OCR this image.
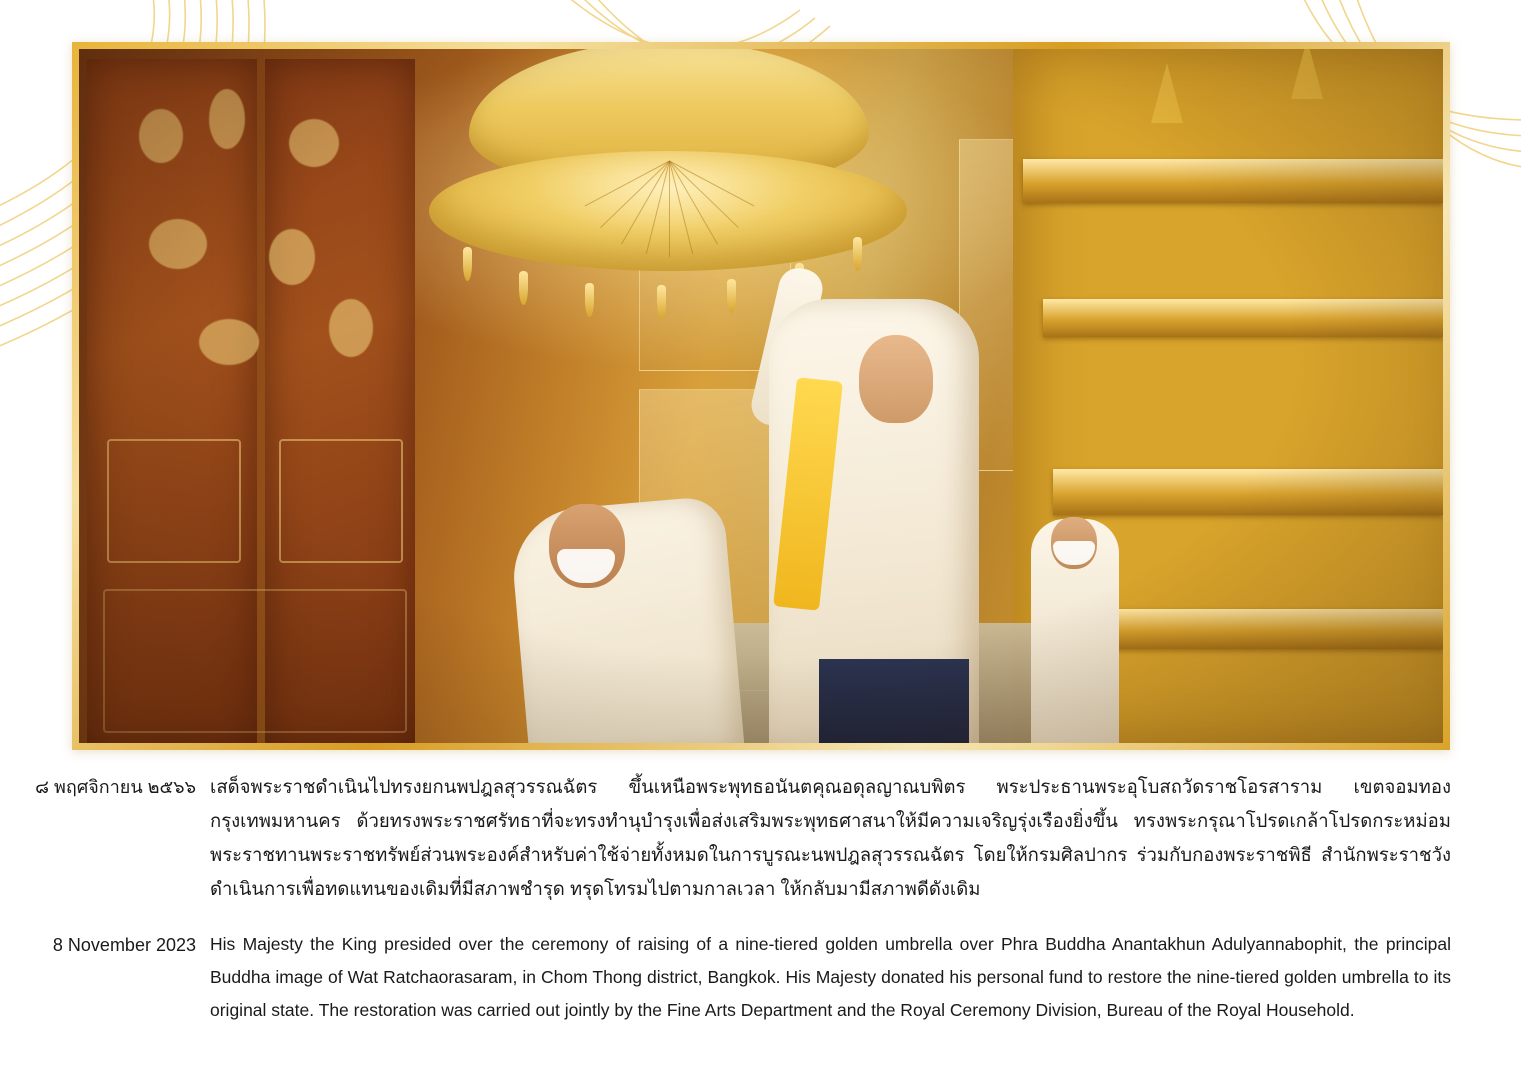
๘ พฤศจิกายน ๒๕๖๖ เสด็จพระราชดำเนินไปทรงยกนพปฎลสุวรรณฉัตร ขึ้นเหนือพระพุทธอนันตคุณอดุลญาณบพิตร พระประธานพระอุโบสถวัดราชโอรสาราม เขตจอมทอง กรุงเทพมหานคร ด้วยทรงพระราชศรัทธาที่จะทรงทำนุบำรุงเพื่อส่งเสริมพระพุทธศาสนาให้มีความเจริญรุ่งเรืองยิ่งขึ้น ทรงพระกรุณาโปรดเกล้าโปรดกระหม่อม พระราชทานพระราชทรัพย์ส่วนพระองค์สำหรับค่าใช้จ่ายทั้งหมดในการบูรณะนพปฎลสุวรรณฉัตร โดยให้กรมศิลปากร ร่วมกับกองพระราชพิธี สำนักพระราชวัง ดำเนินการเพื่อทดแทนของเดิมที่มีสภาพชำรุด ทรุดโทรมไปตามกาลเวลา ให้กลับมามีสภาพดีดังเดิม
8 November 2023 His Majesty the King presided over the ceremony of raising of a nine-tiered golden umbrella over Phra Buddha Anantakhun Adulyannabophit, the principal Buddha image of Wat Ratchaorasaram, in Chom Thong district, Bangkok. His Majesty donated his personal fund to restore the nine-tiered golden umbrella to its original state. The restoration was carried out jointly by the Fine Arts Department and the Royal Ceremony Division, Bureau of the Royal Household.
